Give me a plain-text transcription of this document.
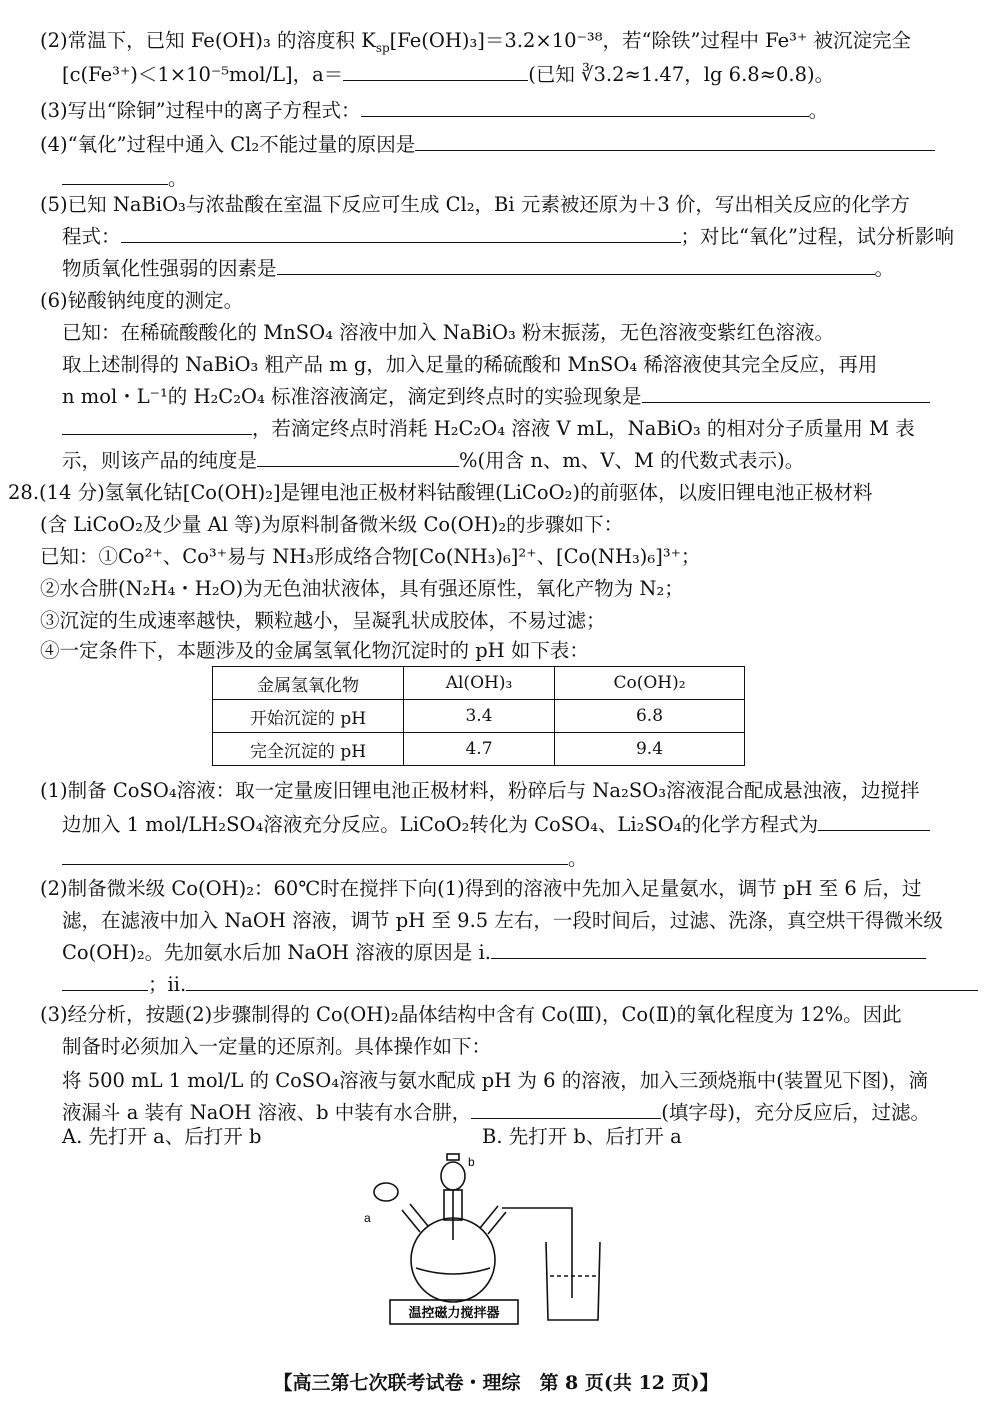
(2)常温下，已知 Fe(OH)₃ 的溶度积 $K_{sp}[Fe(OH)_3]=3.2\times 10^{-38}$，若“除铁”过程中 Fe³⁺ 被沉淀完全
[c(Fe³⁺)＜1×10⁻⁵mol/L]，a＝	(已知 ∛3.2≈1.47，lg 6.8≈0.8)。
(3)写出“除铜”过程中的离子方程式：	。
(4)“氧化”过程中通入 Cl₂不能过量的原因是
。
(5)已知 NaBiO₃与浓盐酸在室温下反应可生成 Cl₂，Bi 元素被还原为＋3 价，写出相关反应的化学方
程式：	；对比“氧化”过程，试分析影响
物质氧化性强弱的因素是	。
(6)铋酸钠纯度的测定。
已知：在稀硫酸酸化的 MnSO₄ 溶液中加入 NaBiO₃ 粉末振荡，无色溶液变紫红色溶液。
取上述制得的 NaBiO₃ 粗产品 m g，加入足量的稀硫酸和 MnSO₄ 稀溶液使其完全反应，再用
n mol・L⁻¹的 H₂C₂O₄ 标准溶液滴定，滴定到终点时的实验现象是
，若滴定终点时消耗 H₂C₂O₄ 溶液 V mL，NaBiO₃ 的相对分子质量用 M 表
示，则该产品的纯度是	%(用含 n、m、V、M 的代数式表示)。
28.(14 分)氢氧化钴[Co(OH)₂]是锂电池正极材料钴酸锂(LiCoO₂)的前驱体，以废旧锂电池正极材料
(含 LiCoO₂及少量 Al 等)为原料制备微米级 Co(OH)₂的步骤如下：
已知：①Co²⁺、Co³⁺易与 NH₃形成络合物[Co(NH₃)₆]²⁺、[Co(NH₃)₆]³⁺；
②水合肼(N₂H₄・H₂O)为无色油状液体，具有强还原性，氧化产物为 N₂；
③沉淀的生成速率越快，颗粒越小，呈凝乳状成胶体，不易过滤；
④一定条件下，本题涉及的金属氢氧化物沉淀时的 pH 如下表：
金属氢氧化物	Al(OH)₃	Co(OH)₂
开始沉淀的 pH	3.4	6.8
完全沉淀的 pH	4.7	9.4
(1)制备 CoSO₄溶液：取一定量废旧锂电池正极材料，粉碎后与 Na₂SO₃溶液混合配成悬浊液，边搅拌
边加入 1 mol/LH₂SO₄溶液充分反应。LiCoO₂转化为 CoSO₄、Li₂SO₄的化学方程式为
。
(2)制备微米级 Co(OH)₂：60℃时在搅拌下向(1)得到的溶液中先加入足量氨水，调节 pH 至 6 后，过
滤，在滤液中加入 NaOH 溶液，调节 pH 至 9.5 左右，一段时间后，过滤、洗涤，真空烘干得微米级
Co(OH)₂。先加氨水后加 NaOH 溶液的原因是 i.
；ii.
(3)经分析，按题(2)步骤制得的 Co(OH)₂晶体结构中含有 Co(Ⅲ)，Co(Ⅱ)的氧化程度为 12%。因此
制备时必须加入一定量的还原剂。具体操作如下：
将 500 mL 1 mol/L 的 CoSO₄溶液与氨水配成 pH 为 6 的溶液，加入三颈烧瓶中(装置见下图)，滴
液漏斗 a 装有 NaOH 溶液、b 中装有水合肼，	(填字母)，充分反应后，过滤。
A. 先打开 a、后打开 b	B. 先打开 b、后打开 a
a
b
温控磁力搅拌器
【高三第七次联考试卷・理综　第 8 页(共 12 页)】
